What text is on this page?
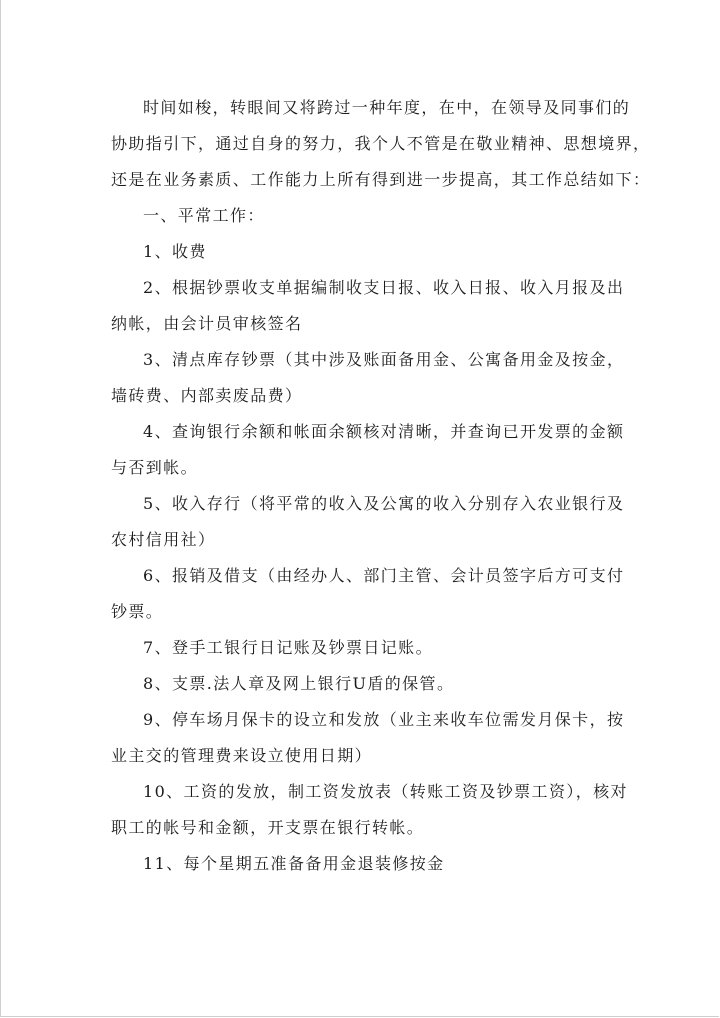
时间如梭，转眼间又将跨过一种年度，在中，在领导及同事们的
协助指引下，通过自身的努力，我个人不管是在敬业精神、思想境界，
还是在业务素质、工作能力上所有得到进一步提高，其工作总结如下：

一、平常工作：

1、收费

2、根据钞票收支单据编制收支日报、收入日报、收入月报及出
纳帐，由会计员审核签名

3、清点库存钞票（其中涉及账面备用金、公寓备用金及按金，
墙砖费、内部卖废品费）

4、查询银行余额和帐面余额核对清晰，并查询已开发票的金额
与否到帐。

5、收入存行（将平常的收入及公寓的收入分别存入农业银行及
农村信用社）

6、报销及借支（由经办人、部门主管、会计员签字后方可支付
钞票。

7、登手工银行日记账及钞票日记账。

8、支票.法人章及网上银行U盾的保管。

9、停车场月保卡的设立和发放（业主来收车位需发月保卡，按
业主交的管理费来设立使用日期）

10、工资的发放，制工资发放表（转账工资及钞票工资），核对
职工的帐号和金额，开支票在银行转帐。

11、每个星期五准备备用金退装修按金
